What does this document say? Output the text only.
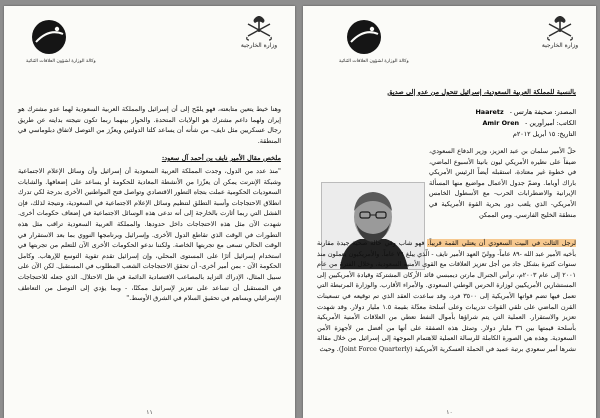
وكالة الوزارة لشؤون العلاقات الثنائية
وزارة الخارجية

وهنا خيط يتعين متابعته، فهو يلمّح إلى أن إسرائيل والمملكة العربية السعودية لهما عدو مشترك هو إيران ولهما داعم مشترك هو الولايات المتحدة. والحوار بينهما ربما تكون نتيجته بدايته عن طريق رجال عسكريين مثل نايف- من شأنه أن يساعد كلتا الدولتين ويعزّز من التوصل لاتفاق دبلوماسي في المنطقة.

ملخص مقال الأمير نايف بن أحمد آل سعود:

"منذ عدد من الدول، وجدت المملكة العربية السعودية أن إسرائيل وأن وسائل الإعلام الاجتماعية وشبكة الإنترنت يمكن أن يعزّزا من الأنشطة المعادية للحكومة أو يساعد على إضعافها. والشابات السعوديات الحكومية عملت بتجاه التطور الاقتصادي وتواصل فتح المواطنين الأخرى بدرجة لكي تدرك انطلاق الاحتجاجات وأسبة التطلق لتنظيم وسائل الإعلام الاجتماعية في السعودية، ونتيجة لذلك، فإن الفشل التي ربما أثارت بالخارجة إلى أنه تدعى هذه الوسائل الاجتماعية في إضعاف حكومات أخرى. شهدت الآن مثل هذه الاحتجاجات داخل حدودها. والمملكة العربية السعودية تراقب مثل هذه التطورات في الوقت الذي تقاطع الدول الأخرى. وإسرائيل وبرنامجها النووي بما بعد الاستقرار في الوقت الحالي تسعى مع تجربتها الخاصة. ولكننا ندعو الحكومات الأخرى الآن للتعلم من تجربتها في استخدام إسرائيل أثرًا على المستوى المحلي، وإن إسرائيل تقدم تقوية التوسع للإرهاب. وكامل الحكومة الآن - بمن أمير أخرى- أن تحقق الاحتجاجات الشعب المطلوب في المستقبل. لكن الآن على سبيل المثال، الإدراك التزايد بالمصاعب الاقتصادية الدائمة في ظل الاحتلال. الذي جعله للاحتجاجات في المستقبل أن تساعد على تعزيز لإسرائيل ممكنًا، - وبما يؤدي إلى التوصل من التعاطف الإسرائيلي ويساهم في تحقيق السلام في الشرق الأوسط."

١١
وكالة الوزارة لشؤون العلاقات الثنائية
وزارة الخارجية

بالنسبة للمملكة العربية السعودية، إسرائيل تتحول من عدو إلى صديق

المصدر: صحيفة هارتس - Haaretz
الكاتب: أميرأورين - Amir Oren
التاريخ: ١٥ أبريل ٢٠١٢م

حلّ الأمير سلمان بن عبد العزيز، وزير الدفاع السعودي، ضيفاً على نظيره الأمريكي ليون بانيتا الأسبوع الماضي، في خطوة غير معتادة، استقبله أيضاً الرئيس الأمريكي باراك أوباما. وضمّ جدول الأعمال مواضيع منها المسألة الإيرانية والاضطرابات الحرب- مع الأسطول الخامس الأمريكي- الذي يلعب دور بحرية القوة الأمريكية في منطقة الخليج الفارسي. ومن الممكن

لرجل الثالث في البيت السعودي أن يعتلي القمة قريباً. فهو شاب وفي حالة صحية جيدة مقارنة بأخيه الأمير عبد الله -٨٩ عاماً- ووليّ العهد الأمير نايف - الّذي يبلغ ٧٩ عاماً. والأمريكيون يعملون منذ سنوات كثيرة بشكل جاد من أجل تعزيز العلاقات مع القوى الأمنية السعودية، وخلال الفترة من عام ٢٠٠١ إلى عام ٢٠٠٣م، ترأس الجنرال مارتن ديمبسي قائد الأركان المشتركة وقيادة الأمريكيين إلى المستشارين الأمريكيين لوزارة الحرس الوطني السعودي. والأمراء الأقارب. والوزارة المرتبطة التي تعمل فيها تضم قواتها الأمريكية إلى ٣٥٠٠ فرد، وقد ساعدت العقد الذي تم توقيعه في تسعينات القرن الماضي على تلقي القوات تدريبات وعلى أسلحة معدّلة بقيمة ١.٥ مليار دولار. وقد شهدت تعزيز والاستقرار. العملية التي يتم شراؤها بأموال النفط تعطي من العلاقات الأمنية الأمريكية بأسلحة قيمتها بين ٣٦ مليار دولار. وتمثل هذه الصفقة على أنها من أفضل من لأجهزة الأمن السعودية. وهذه هي الصورة الكاملة للرسالة العملية للاهتمام الموجهة إلى إسرائيل من خلال مقالة نشرها أمير سعودي برتبة عميد في الحملة العسكرية الأمريكية (Joint Force Quarterly). وحيث

١٠
